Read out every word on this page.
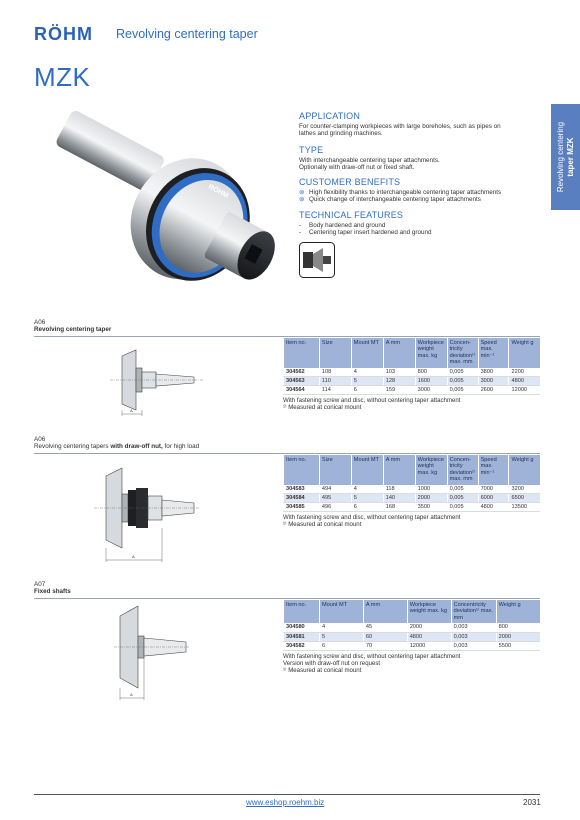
RÖHM Revolving centering taper
MZK
Revolving centering taper MZK
RÖHM
APPLICATION

For counter-clamping workpieces with large boreholes, such as pipes on lathes and grinding machines.

TYPE

With interchangeable centering taper attachments.

Optionally with draw-off nut or fixed shaft.

CUSTOMER BENEFITS
⊚ High flexibility thanks to interchangeable centering taper attachments
⊚ Quick change of interchangeable centering taper attachments
TECHNICAL FEATURES
-	Body hardened and ground
-	Centering taper insert hardened and ground
A06
Revolving centering taper
A
Item no.	Size	Mount MT	A mm	Workpiece weight max. kg	Concen-tricity deviation¹⁾ max. mm	Speed max. min⁻¹	Weight g
304562	108	4	103	800	0,005	3800	2200
304563	110	5	128	1600	0,005	3000	4800
304564	114	6	159	3000	0,005	2600	12000
With fastening screw and disc, without centering taper attachment
¹⁾ Measured at conical mount
A06
Revolving centering tapers with draw-off nut, for high load
A
Item no.	Size	Mount MT	A mm	Workpiece weight max. kg	Concen-tricity deviation¹⁾ max. mm	Speed max. min⁻¹	Weight g
304583	494	4	118	1000	0,005	7000	3200
304584	495	5	140	2000	0,005	6000	6500
304585	496	6	168	3500	0,005	4800	13500
With fastening screw and disc, without centering taper attachment
¹⁾ Measured at conical mount
A07
Fixed shafts
A
Item no.	Mount MT	A mm	Workpiece weight max. kg	Concentricity deviation¹⁾ max. mm	Weight g
304580	4	45	2000	0,003	800
304581	5	60	4800	0,003	2000
304582	6	70	12000	0,003	5500
With fastening screw and disc, without centering taper attachment
Version with draw-off nut on request
¹⁾ Measured at conical mount
www.eshop.roehm.biz	2031
